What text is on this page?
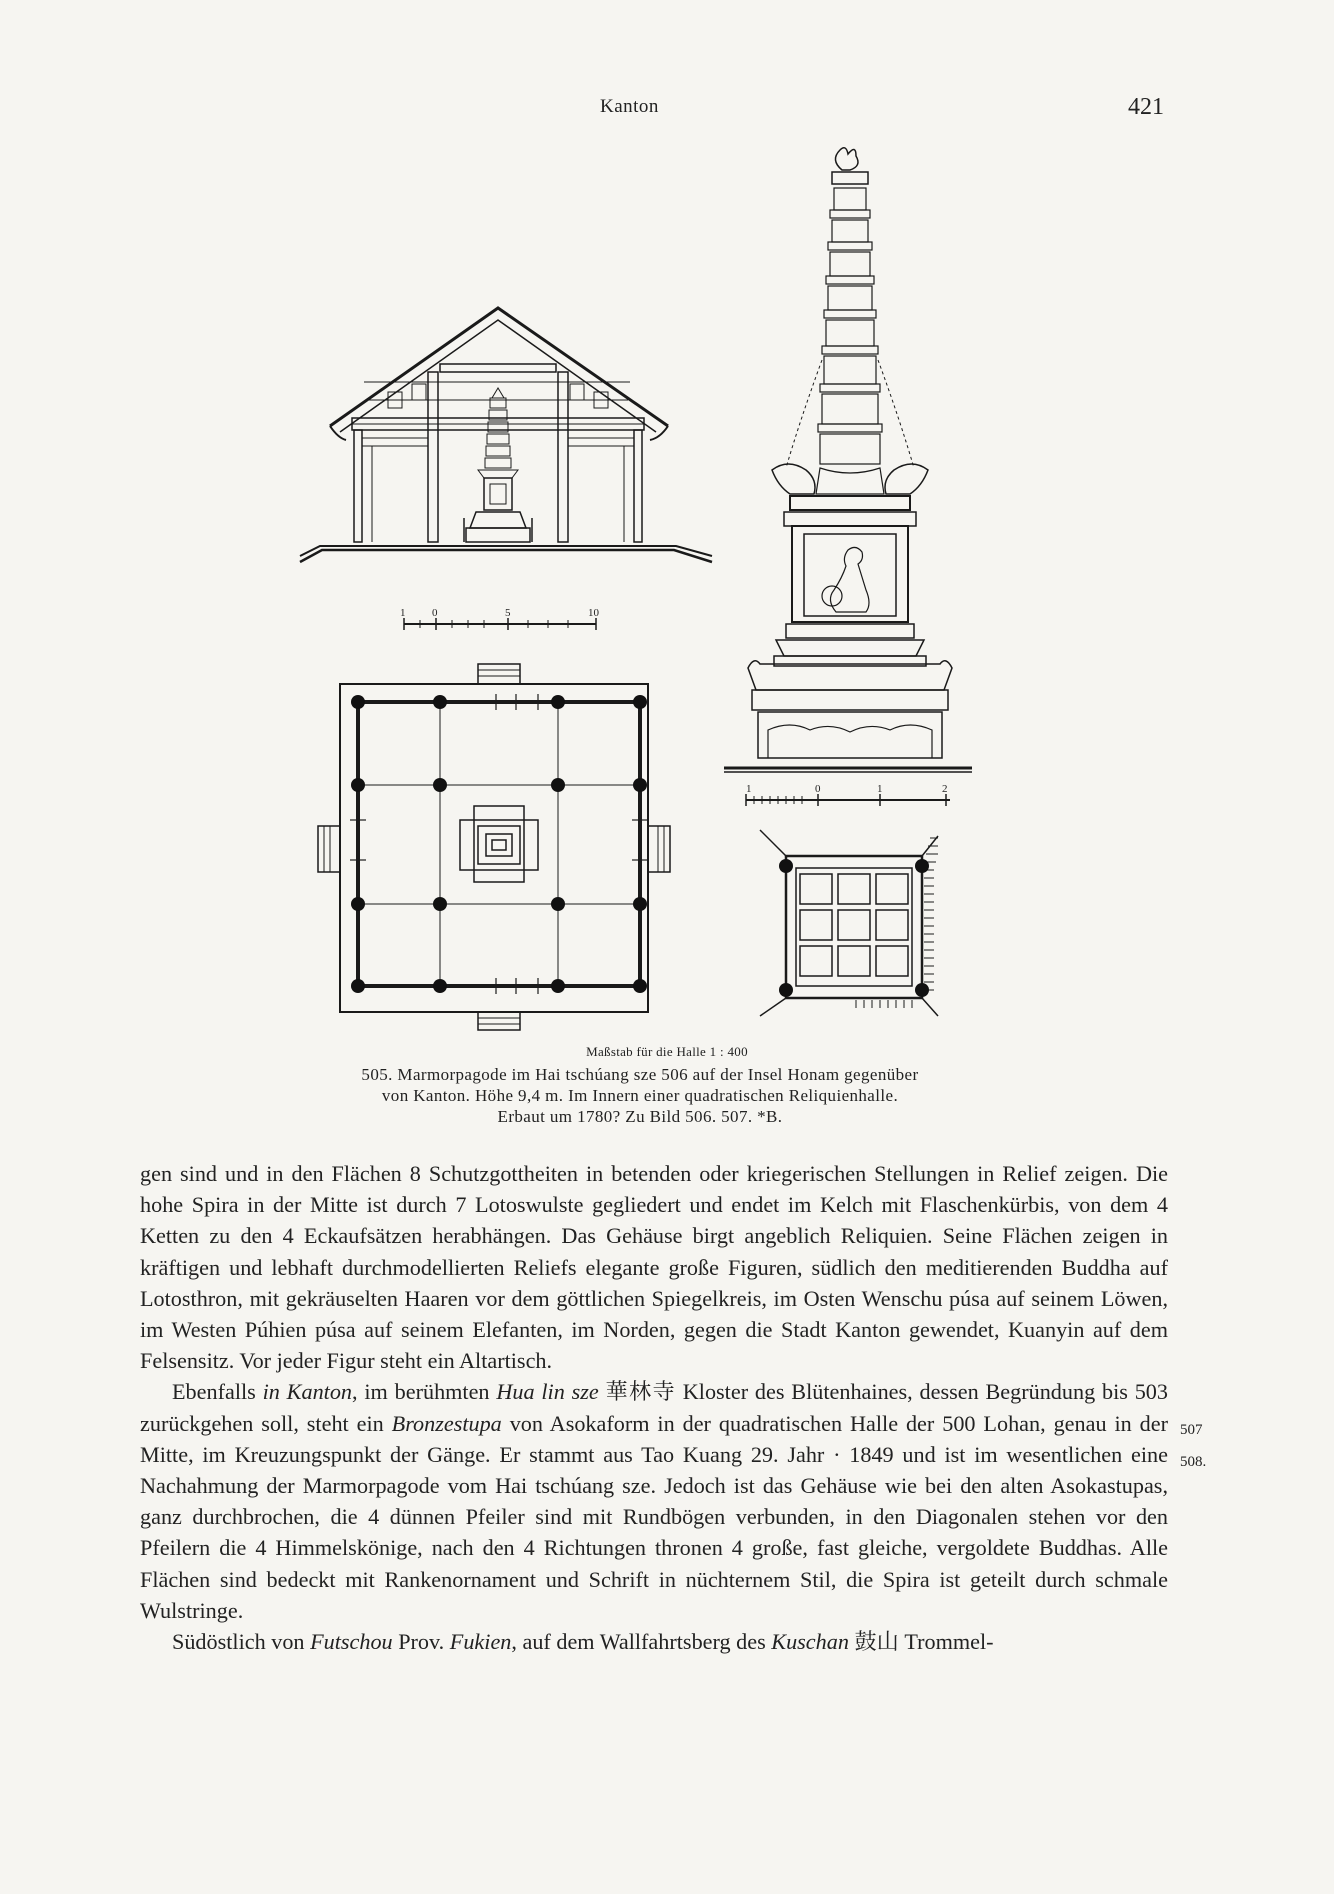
Kanton	421
1 0	5	10
1	0	1	2
Maßstab für die Halle 1 : 400
505. Marmorpagode im Hai tschúang sze 506 auf der Insel Honam gegenüber
von Kanton. Höhe 9,4 m. Im Innern einer quadratischen Reliquienhalle.
Erbaut um 1780? Zu Bild 506. 507. *B.

gen sind und in den Flächen 8 Schutzgottheiten in betenden oder kriegerischen Stellungen in Relief zeigen. Die hohe Spira in der Mitte ist durch 7 Lotoswulste gegliedert und endet im Kelch mit Flaschenkürbis, von dem 4 Ketten zu den 4 Eckaufsätzen herabhängen. Das Gehäuse birgt angeblich Reliquien. Seine Flächen zeigen in kräftigen und lebhaft durchmodellierten Reliefs elegante große Figuren, südlich den meditierenden Buddha auf Lotosthron, mit gekräuselten Haaren vor dem göttlichen Spiegelkreis, im Osten Wenschu púsa auf seinem Löwen, im Westen Púhien púsa auf seinem Elefanten, im Norden, gegen die Stadt Kanton gewendet, Kuanyin auf dem Felsensitz. Vor jeder Figur steht ein Altartisch.

Ebenfalls in Kanton, im berühmten Hua lin sze 華林寺 Kloster des Blütenhaines, dessen Begründung bis 503 zurückgehen soll, steht ein Bronzestupa von Asokaform in der quadratischen Halle der 500 Lohan, genau in der Mitte, im Kreuzungspunkt der Gänge. Er stammt aus Tao Kuang 29. Jahr · 1849 und ist im wesentlichen eine Nachahmung der Marmorpagode vom Hai tschúang sze. Jedoch ist das Gehäuse wie bei den alten Asokastupas, ganz durchbrochen, die 4 dünnen Pfeiler sind mit Rundbögen verbunden, in den Diagonalen stehen vor den Pfeilern die 4 Himmelskönige, nach den 4 Richtungen thronen 4 große, fast gleiche, vergoldete Buddhas. Alle Flächen sind bedeckt mit Rankenornament und Schrift in nüchternem Stil, die Spira ist geteilt durch schmale Wulstringe.

Südöstlich von Futschou Prov. Fukien, auf dem Wallfahrtsberg des Kuschan 鼓山 Trommel-

507
508.
